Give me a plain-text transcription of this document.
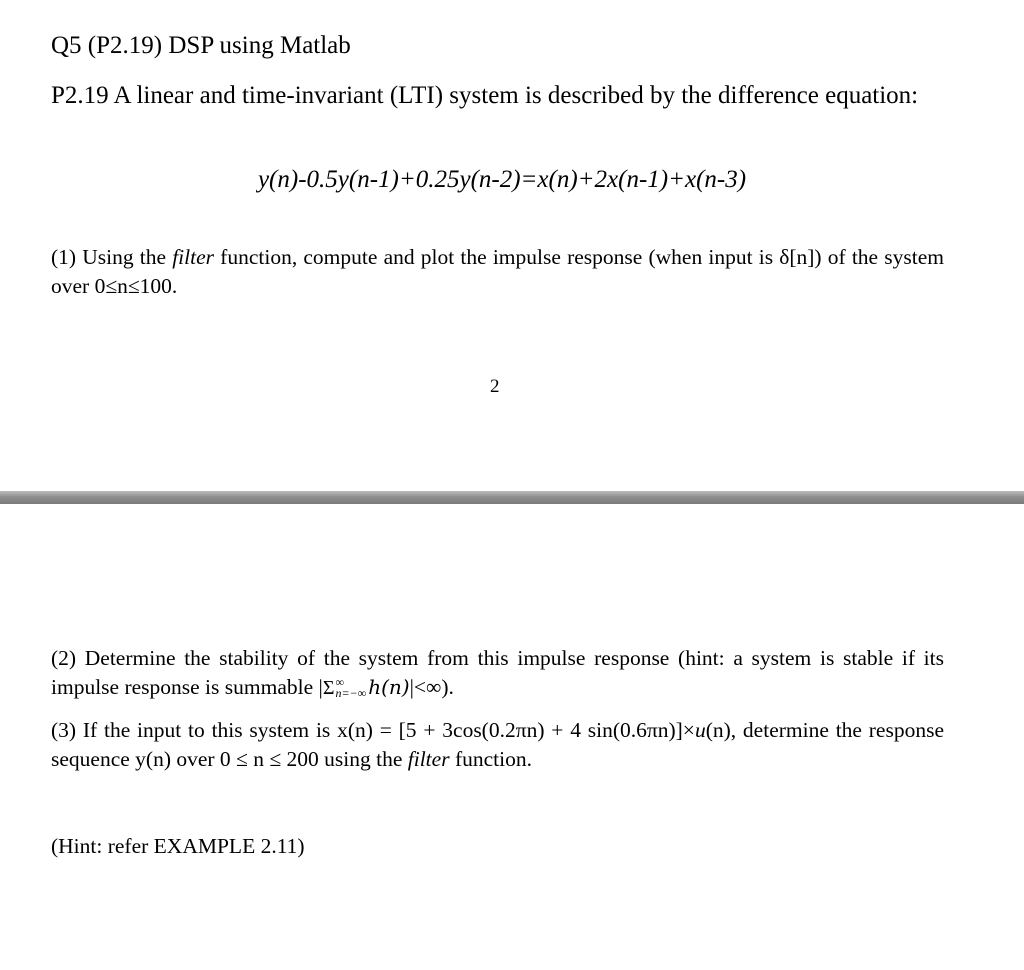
Q5 (P2.19) DSP using Matlab
P2.19 A linear and time-invariant (LTI) system is described by the difference equation:
y(n)-0.5y(n-1)+0.25y(n-2)=x(n)+2x(n-1)+x(n-3)
(1) Using the filter function, compute and plot the impulse response (when input is δ[n]) of the system over 0≤n≤100.
2
(2) Determine the stability of the system from this impulse response (hint: a system is stable if its impulse response is summable |Σ ∞
n=−∞ h(n)|<∞).
(3) If the input to this system is x(n) = [5 + 3cos(0.2πn) + 4 sin(0.6πn)]×u(n), determine the response sequence y(n) over 0 ≤ n ≤ 200 using the filter function.
(Hint: refer EXAMPLE 2.11)
